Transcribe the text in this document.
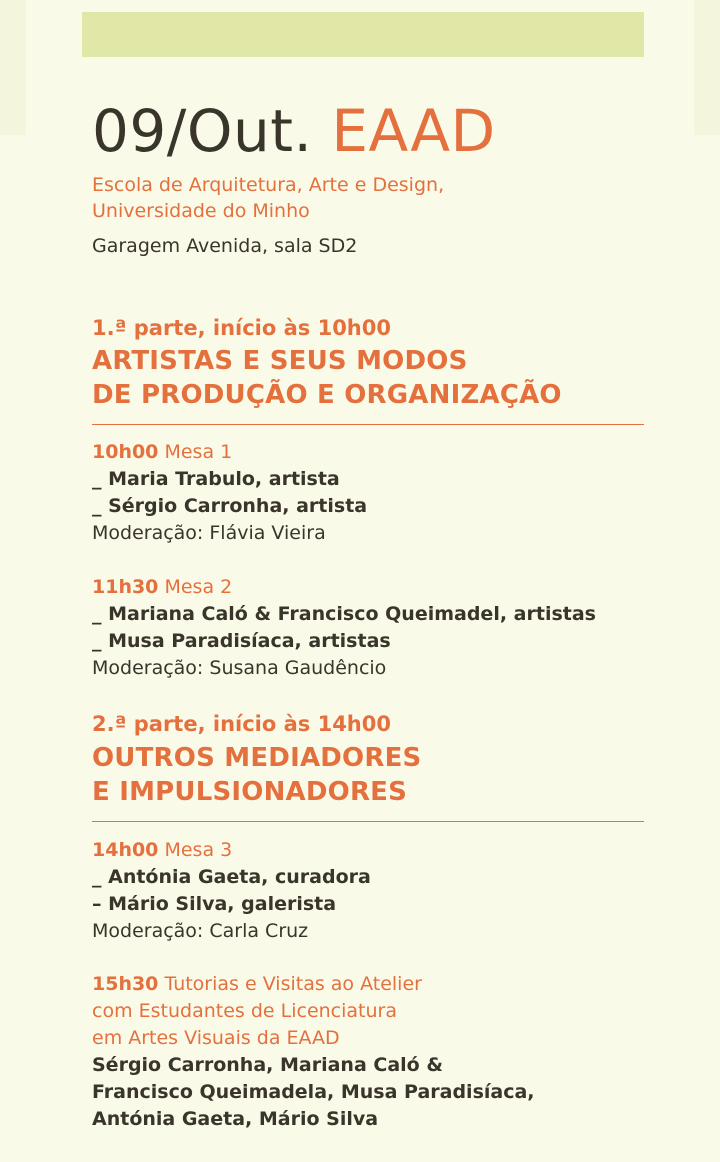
09/Out. EAAD
Escola de Arquitetura, Arte e Design,
Universidade do Minho
Garagem Avenida, sala SD2
1.ª parte, início às 10h00
ARTISTAS E SEUS MODOS
DE PRODUÇÃO E ORGANIZAÇÃO
10h00 Mesa 1
_ Maria Trabulo, artista
_ Sérgio Carronha, artista
Moderação: Flávia Vieira
11h30 Mesa 2
_ Mariana Caló & Francisco Queimadel, artistas
_ Musa Paradisíaca, artistas
Moderação: Susana Gaudêncio
2.ª parte, início às 14h00
OUTROS MEDIADORES
E IMPULSIONADORES
14h00 Mesa 3
_ Antónia Gaeta, curadora
– Mário Silva, galerista
Moderação: Carla Cruz
15h30 Tutorias e Visitas ao Atelier
com Estudantes de Licenciatura
em Artes Visuais da EAAD
Sérgio Carronha, Mariana Caló &
Francisco Queimadela, Musa Paradisíaca,
Antónia Gaeta, Mário Silva
